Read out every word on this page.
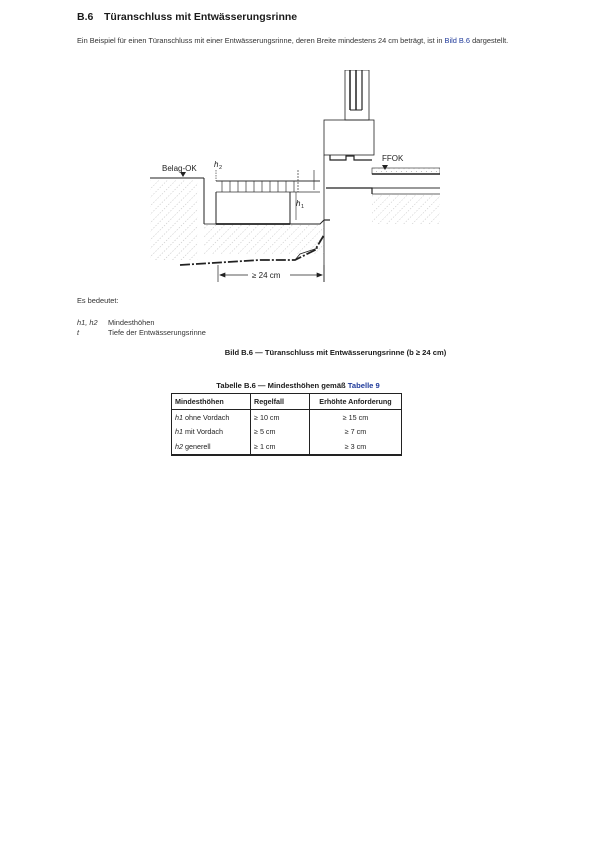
B.6 Türanschluss mit Entwässerungsrinne
Ein Beispiel für einen Türanschluss mit einer Entwässerungsrinne, deren Breite mindestens 24 cm beträgt, ist in Bild B.6 dargestellt.
h 2
h 1
≥ 24 cm
Belag-OK
FFOK
Es bedeutet:
h1, h2	Mindesthöhen
t	Tiefe der Entwässerungsrinne
Bild B.6 — Türanschluss mit Entwässerungsrinne (b ≥ 24 cm)
Tabelle B.6 — Mindesthöhen gemäß Tabelle 9
Mindesthöhen	Regelfall	Erhöhte Anforderung
h1 ohne Vordach	≥ 10 cm	≥ 15 cm
h1 mit Vordach	≥ 5 cm	≥ 7 cm
h2 generell	≥ 1 cm	≥ 3 cm
